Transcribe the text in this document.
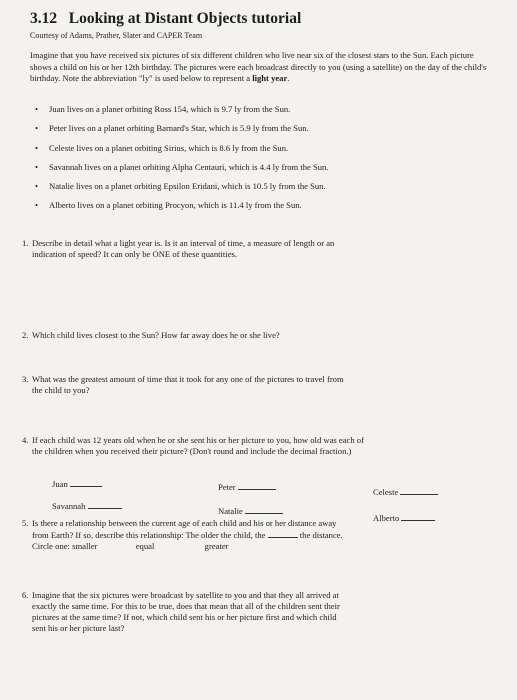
3.12 Looking at Distant Objects tutorial
Courtesy of Adams, Prather, Slater and CAPER Team
Imagine that you have received six pictures of six different children who live near six of the closest stars to the Sun. Each picture shows a child on his or her 12th birthday. The pictures were each broadcast directly to you (using a satellite) on the day of the child's birthday. Note the abbreviation "ly" is used below to represent a light year.
• Juan lives on a planet orbiting Ross 154, which is 9.7 ly from the Sun.
• Peter lives on a planet orbiting Barnard's Star, which is 5.9 ly from the Sun.
• Celeste lives on a planet orbiting Sirius, which is 8.6 ly from the Sun.
• Savannah lives on a planet orbiting Alpha Centauri, which is 4.4 ly from the Sun.
• Natalie lives on a planet orbiting Epsilon Eridani, which is 10.5 ly from the Sun.
• Alberto lives on a planet orbiting Procyon, which is 11.4 ly from the Sun.
1. Describe in detail what a light year is. Is it an interval of time, a measure of length or an
indication of speed? It can only be ONE of these quantities.
2. Which child lives closest to the Sun? How far away does he or she live?
3. What was the greatest amount of time that it took for any one of the pictures to travel from
the child to you?
4. If each child was 12 years old when he or she sent his or her picture to you, how old was each of
the children when you received their picture? (Don't round and include the decimal fraction.)
Juan	Peter	Celeste
Savannah	Natalie
Alberto
5. Is there a relationship between the current age of each child and his or her distance away
from Earth? If so, describe this relationship: The older the child, the	the distance.
Circle one: smaller	equal	greater
6. Imagine that the six pictures were broadcast by satellite to you and that they all arrived at
exactly the same time. For this to be true, does that mean that all of the children sent their
pictures at the same time? If not, which child sent his or her picture first and which child
sent his or her picture last?
